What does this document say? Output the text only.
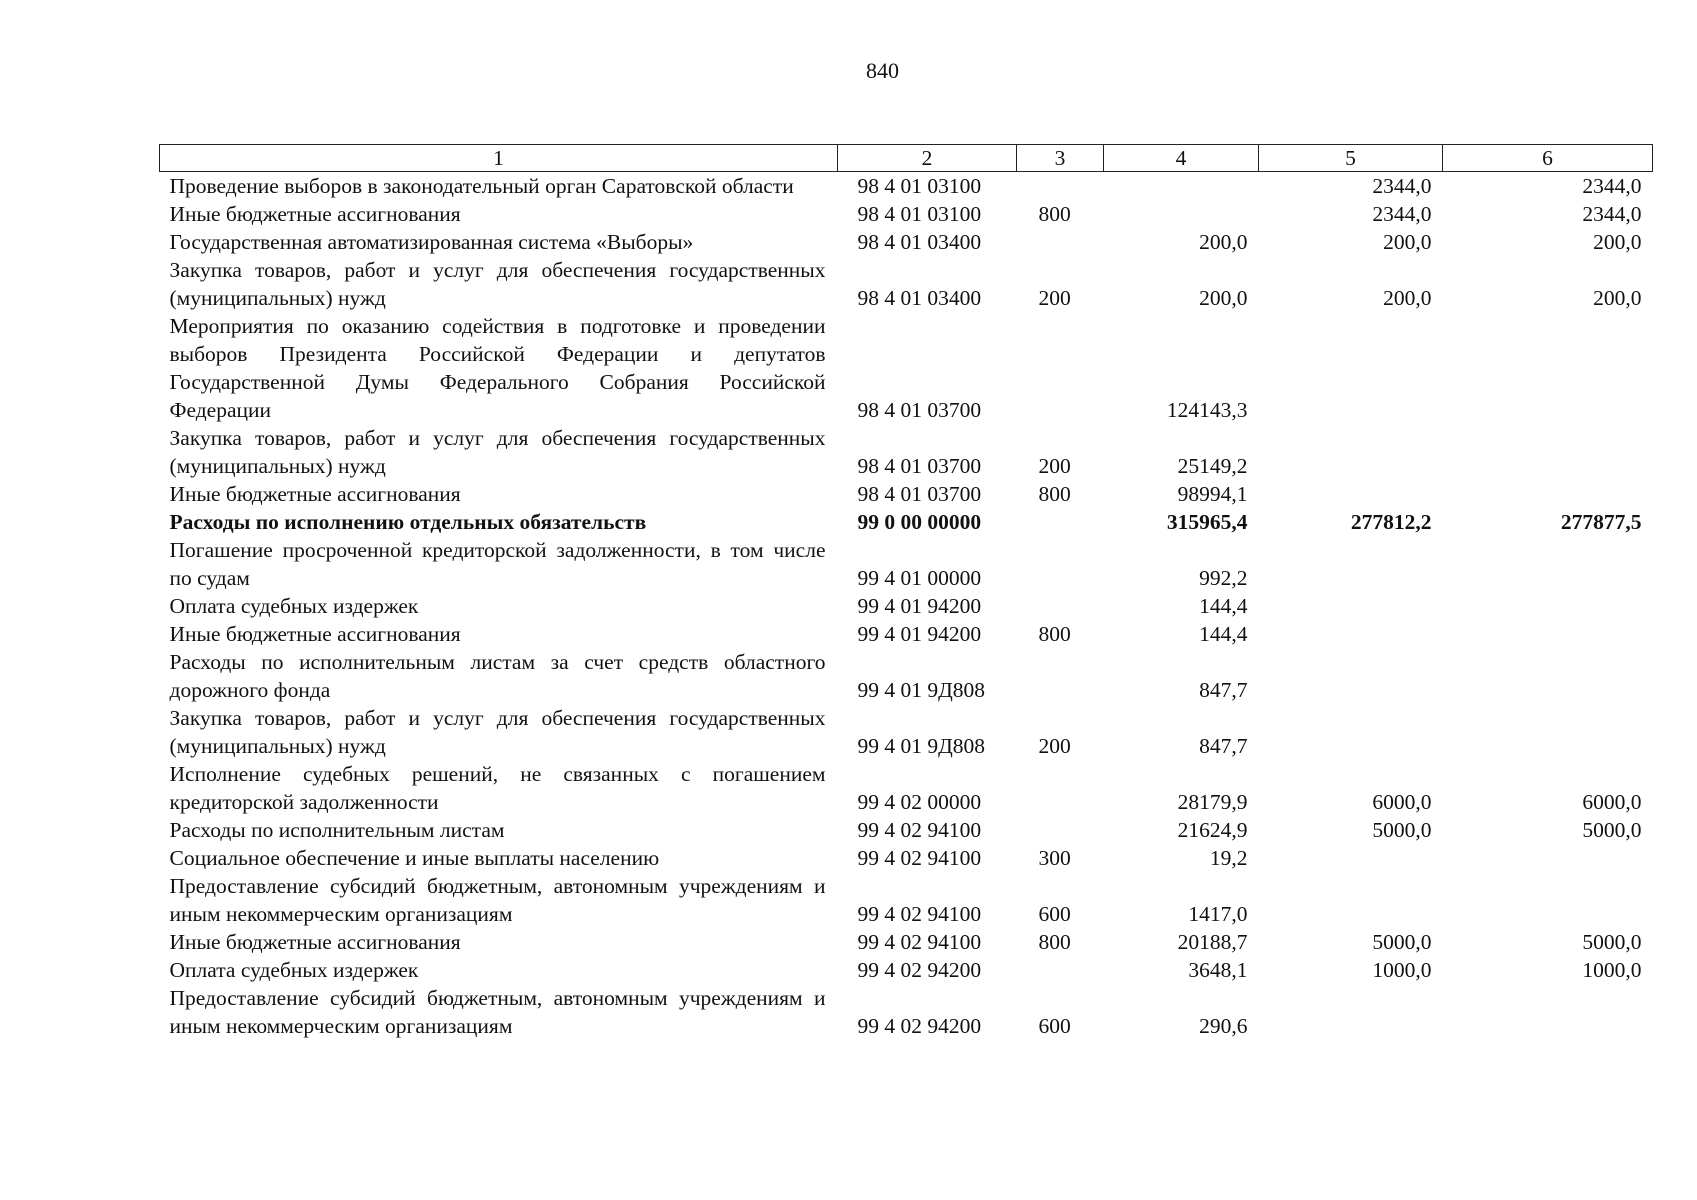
840
1	2	3	4	5	6
Проведение выборов в законодательный орган Саратовской области	98 4 01 03100			2344,0	2344,0
Иные бюджетные ассигнования	98 4 01 03100	800		2344,0	2344,0
Государственная автоматизированная система «Выборы»	98 4 01 03400		200,0	200,0	200,0
Закупка товаров, работ и услуг для обеспечения государственных (муниципальных) нужд	98 4 01 03400	200	200,0	200,0	200,0
Мероприятия по оказанию содействия в подготовке и проведении выборов Президента Российской Федерации и депутатов Государственной Думы Федерального Собрания Российской Федерации	98 4 01 03700		124143,3		
Закупка товаров, работ и услуг для обеспечения государственных (муниципальных) нужд	98 4 01 03700	200	25149,2		
Иные бюджетные ассигнования	98 4 01 03700	800	98994,1		
Расходы по исполнению отдельных обязательств	99 0 00 00000		315965,4	277812,2	277877,5
Погашение просроченной кредиторской задолженности, в том числе по судам	99 4 01 00000		992,2		
Оплата судебных издержек	99 4 01 94200		144,4		
Иные бюджетные ассигнования	99 4 01 94200	800	144,4		
Расходы по исполнительным листам за счет средств областного дорожного фонда	99 4 01 9Д808		847,7		
Закупка товаров, работ и услуг для обеспечения государственных (муниципальных) нужд	99 4 01 9Д808	200	847,7		
Исполнение судебных решений, не связанных с погашением кредиторской задолженности	99 4 02 00000		28179,9	6000,0	6000,0
Расходы по исполнительным листам	99 4 02 94100		21624,9	5000,0	5000,0
Социальное обеспечение и иные выплаты населению	99 4 02 94100	300	19,2		
Предоставление субсидий бюджетным, автономным учреждениям и иным некоммерческим организациям	99 4 02 94100	600	1417,0		
Иные бюджетные ассигнования	99 4 02 94100	800	20188,7	5000,0	5000,0
Оплата судебных издержек	99 4 02 94200		3648,1	1000,0	1000,0
Предоставление субсидий бюджетным, автономным учреждениям и иным некоммерческим организациям	99 4 02 94200	600	290,6		
